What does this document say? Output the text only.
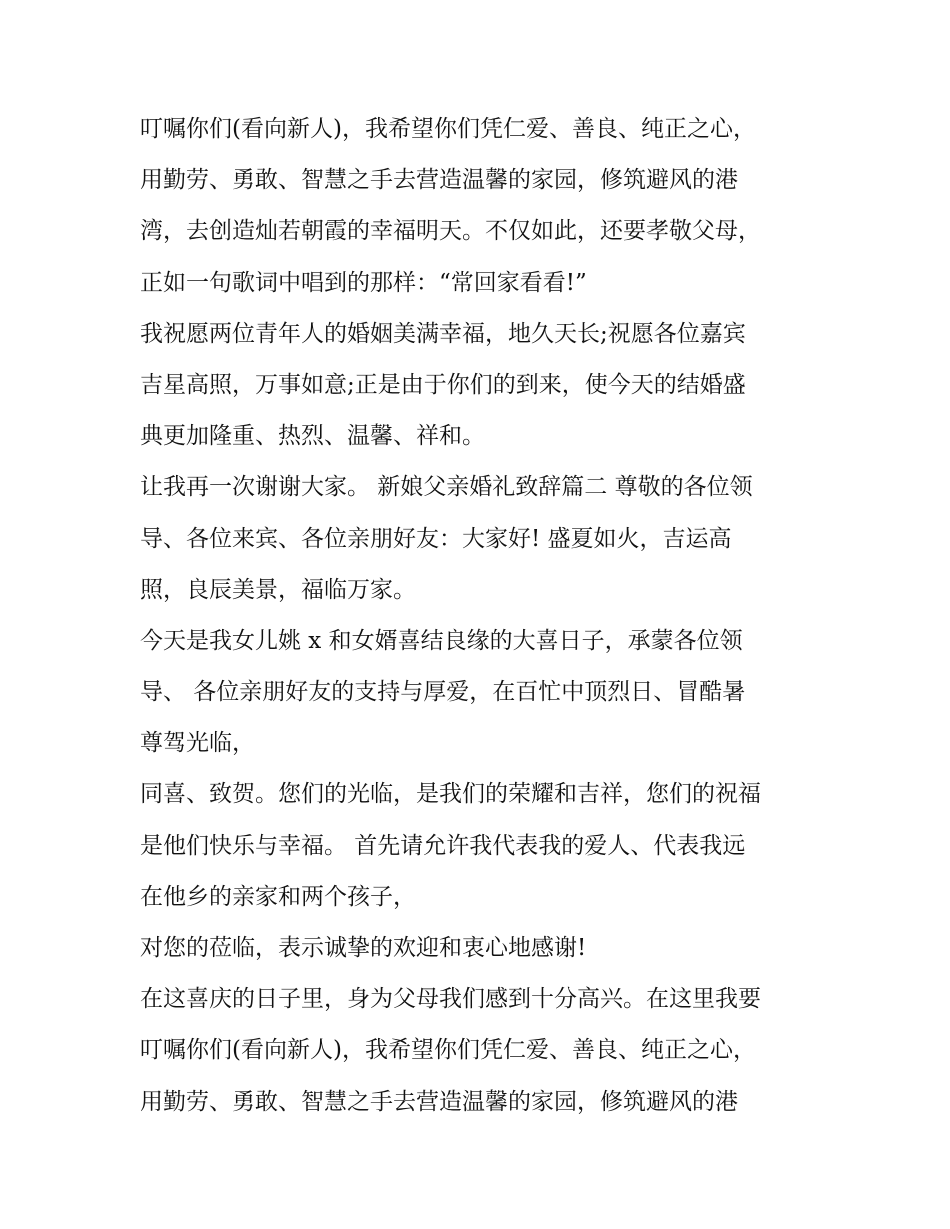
叮嘱你们(看向新人)，我希望你们凭仁爱、善良、纯正之心，
用勤劳、勇敢、智慧之手去营造温馨的家园，修筑避风的港
湾，去创造灿若朝霞的幸福明天。不仅如此，还要孝敬父母，
正如一句歌词中唱到的那样：“常回家看看!”
我祝愿两位青年人的婚姻美满幸福，地久天长;祝愿各位嘉宾
吉星高照，万事如意;正是由于你们的到来，使今天的结婚盛
典更加隆重、热烈、温馨、祥和。
让我再一次谢谢大家。 新娘父亲婚礼致辞篇二 尊敬的各位领
导、各位来宾、各位亲朋好友：大家好! 盛夏如火，吉运高
照，良辰美景，福临万家。
今天是我女儿姚 x 和女婿喜结良缘的大喜日子，承蒙各位领
导、 各位亲朋好友的支持与厚爱，在百忙中顶烈日、冒酷暑
尊驾光临，
同喜、致贺。您们的光临，是我们的荣耀和吉祥，您们的祝福
是他们快乐与幸福。 首先请允许我代表我的爱人、代表我远
在他乡的亲家和两个孩子，
对您的莅临，表示诚挚的欢迎和衷心地感谢!
在这喜庆的日子里，身为父母我们感到十分高兴。在这里我要
叮嘱你们(看向新人)，我希望你们凭仁爱、善良、纯正之心，
用勤劳、勇敢、智慧之手去营造温馨的家园，修筑避风的港
